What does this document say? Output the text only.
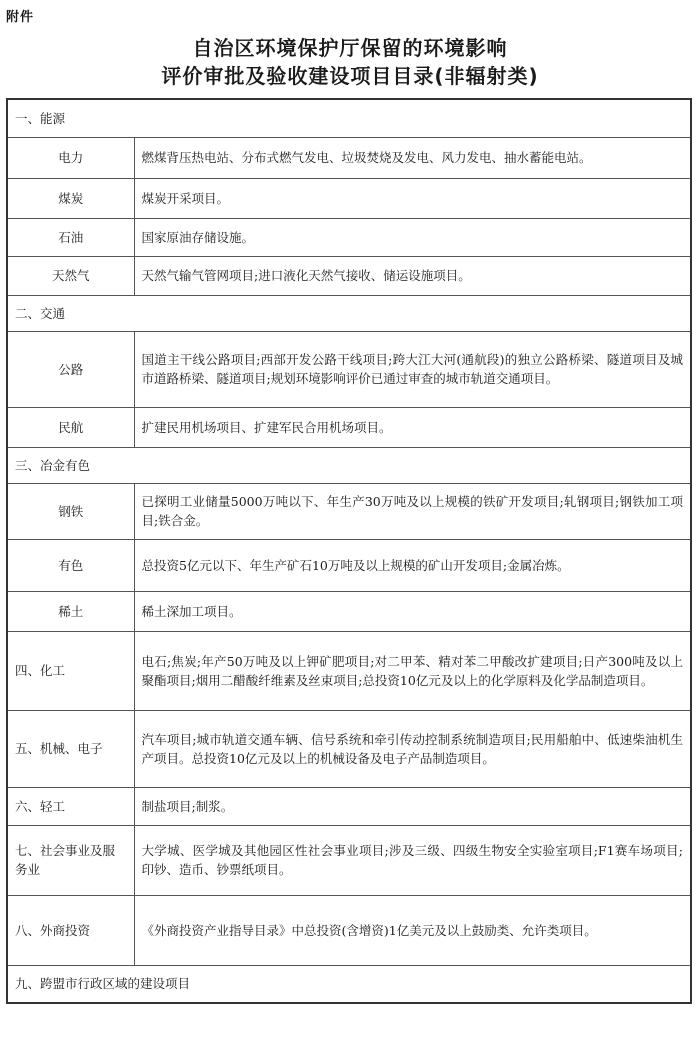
附件
自治区环境保护厅保留的环境影响
评价审批及验收建设项目目录(非辐射类)
一、能源	
电力	燃煤背压热电站、分布式燃气发电、垃圾焚烧及发电、风力发电、抽水蓄能电站。
煤炭	煤炭开采项目。
石油	国家原油存储设施。
天然气	天然气输气管网项目;进口液化天然气接收、储运设施项目。
二、交通	
公路	国道主干线公路项目;西部开发公路干线项目;跨大江大河(通航段)的独立公路桥梁、隧道项目及城市道路桥梁、隧道项目;规划环境影响评价已通过审查的城市轨道交通项目。
民航	扩建民用机场项目、扩建军民合用机场项目。
三、冶金有色	
钢铁	已探明工业储量5000万吨以下、年生产30万吨及以上规模的铁矿开发项目;轧钢项目;钢铁加工项目;铁合金。
有色	总投资5亿元以下、年生产矿石10万吨及以上规模的矿山开发项目;金属冶炼。
稀土	稀土深加工项目。
四、化工	电石;焦炭;年产50万吨及以上钾矿肥项目;对二甲苯、精对苯二甲酸改扩建项目;日产300吨及以上聚酯项目;烟用二醋酸纤维素及丝束项目;总投资10亿元及以上的化学原料及化学品制造项目。
五、机械、电子	汽车项目;城市轨道交通车辆、信号系统和牵引传动控制系统制造项目;民用船舶中、低速柴油机生产项目。总投资10亿元及以上的机械设备及电子产品制造项目。
六、轻工	制盐项目;制浆。
七、社会事业及服务业	大学城、医学城及其他园区性社会事业项目;涉及三级、四级生物安全实验室项目;F1赛车场项目;印钞、造币、钞票纸项目。
八、外商投资	《外商投资产业指导目录》中总投资(含增资)1亿美元及以上鼓励类、允许类项目。
九、跨盟市行政区域的建设项目	
